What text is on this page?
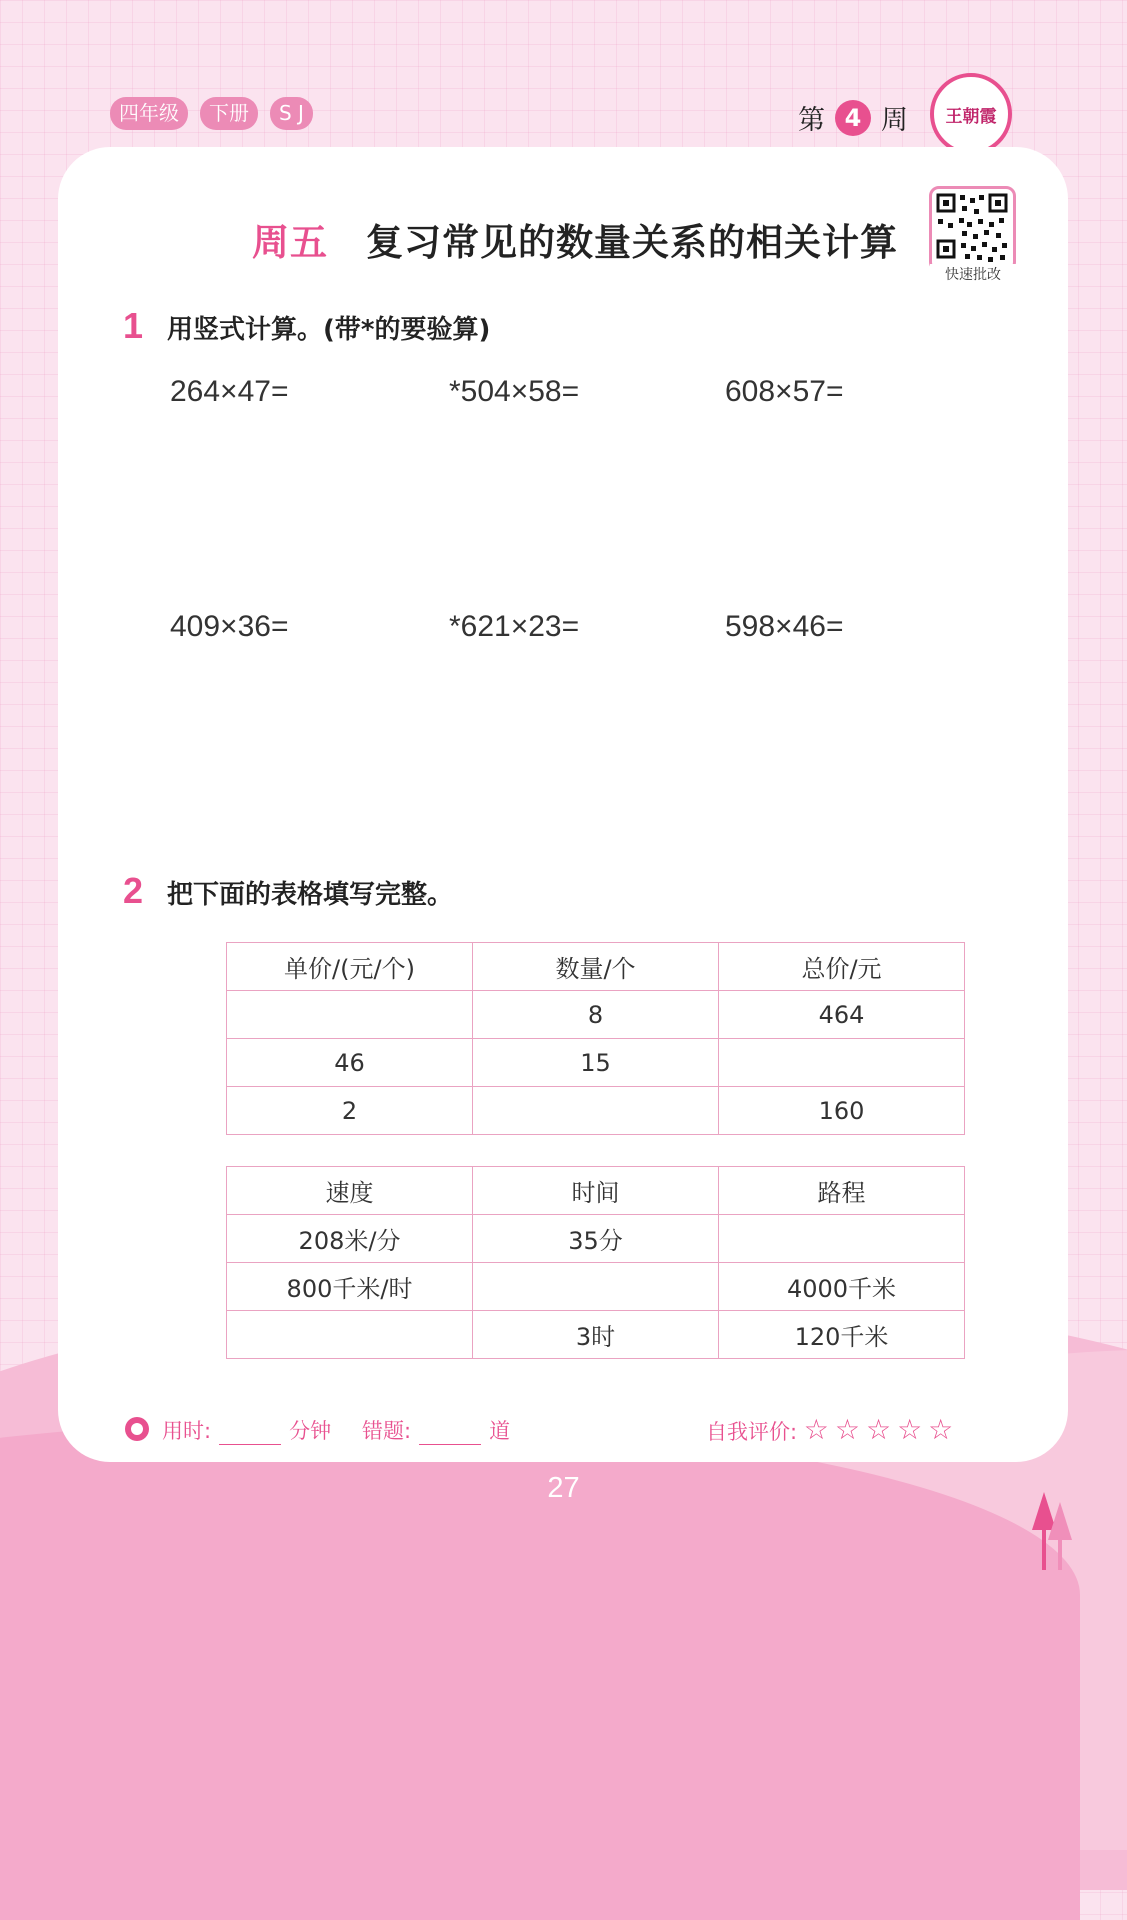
四年级	下册	S J	第 4 周 王朝霞
周五 复习常见的数量关系的相关计算
快速批改
1 用竖式计算。(带*的要验算)
264×47=	*504×58=	608×57=
409×36=	*621×23=	598×46=
2 把下面的表格填写完整。
单价/(元/个)	数量/个	总价/元
	8	464
46	15	
2		160
速度	时间	路程
208米/分	35分	
800千米/时		4000千米
	3时	120千米
用时:	分钟 错题:	道	自我评价: ☆☆☆☆☆
27
